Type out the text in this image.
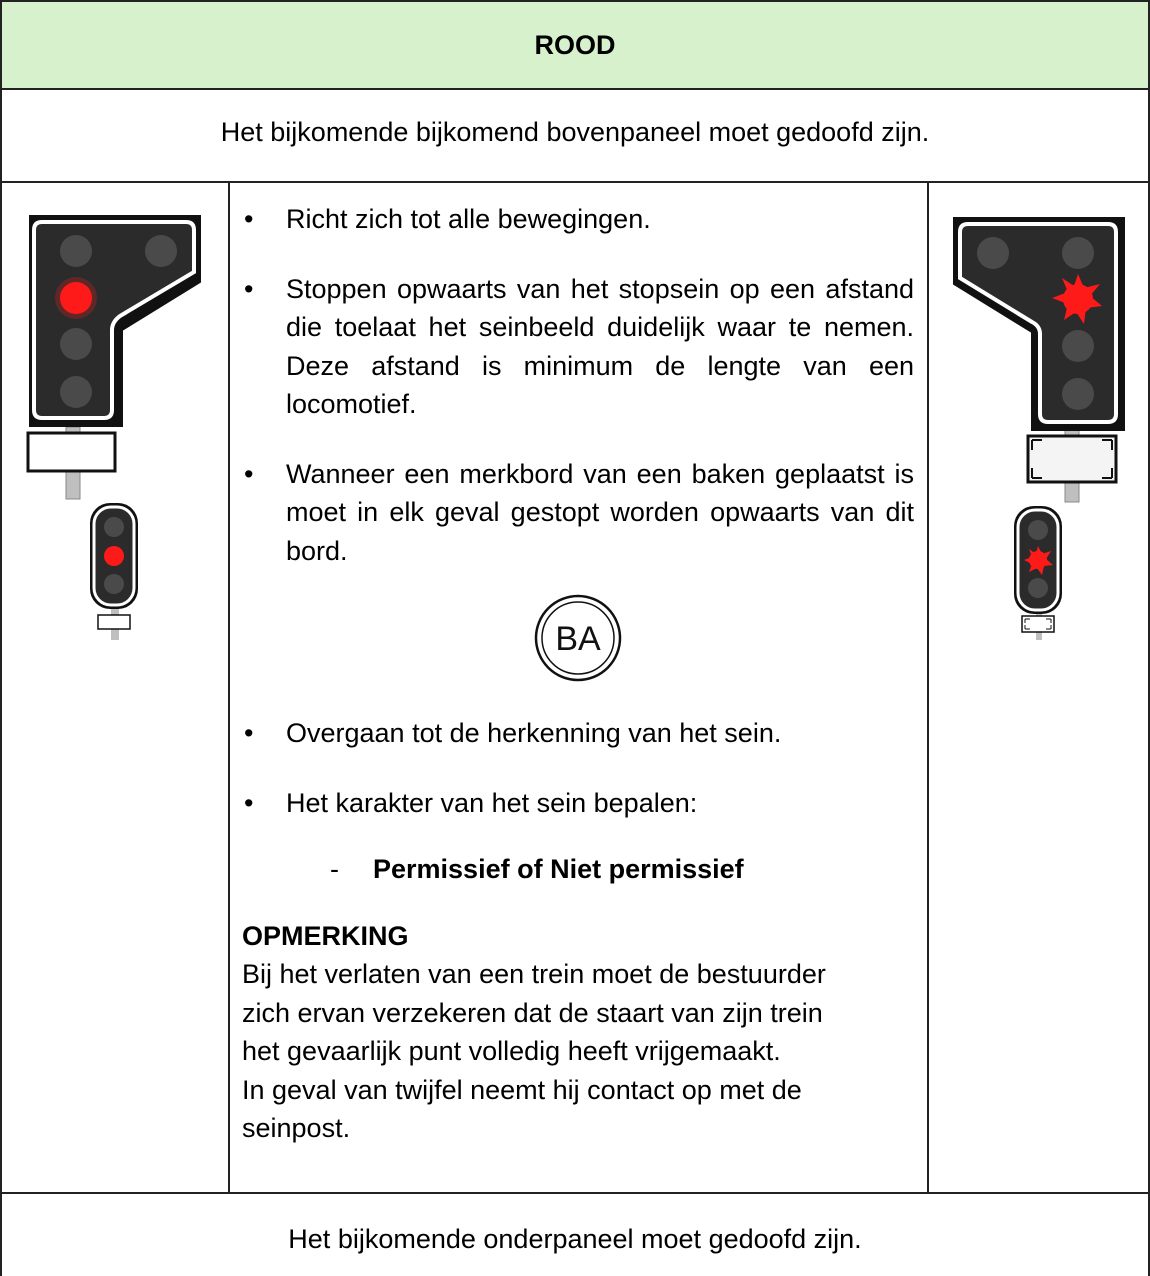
ROOD
Het bijkomende bijkomend bovenpaneel moet gedoofd zijn.
• Richt zich tot alle bewegingen.
• Stoppen opwaarts van het stopsein op een afstand die toelaat het seinbeeld duidelijk waar te nemen. Deze afstand is minimum de lengte van een locomotief.
• Wanneer een merkbord van een baken geplaatst is moet in elk geval gestopt worden opwaarts van dit bord.
BA
• Overgaan tot de herkenning van het sein.
• Het karakter van het sein bepalen:
- Permissief of Niet permissief
OPMERKING
Bij het verlaten van een trein moet de bestuurder
zich ervan verzekeren dat de staart van zijn trein
het gevaarlijk punt volledig heeft vrijgemaakt.
In geval van twijfel neemt hij contact op met de
seinpost.
Het bijkomende onderpaneel moet gedoofd zijn.
